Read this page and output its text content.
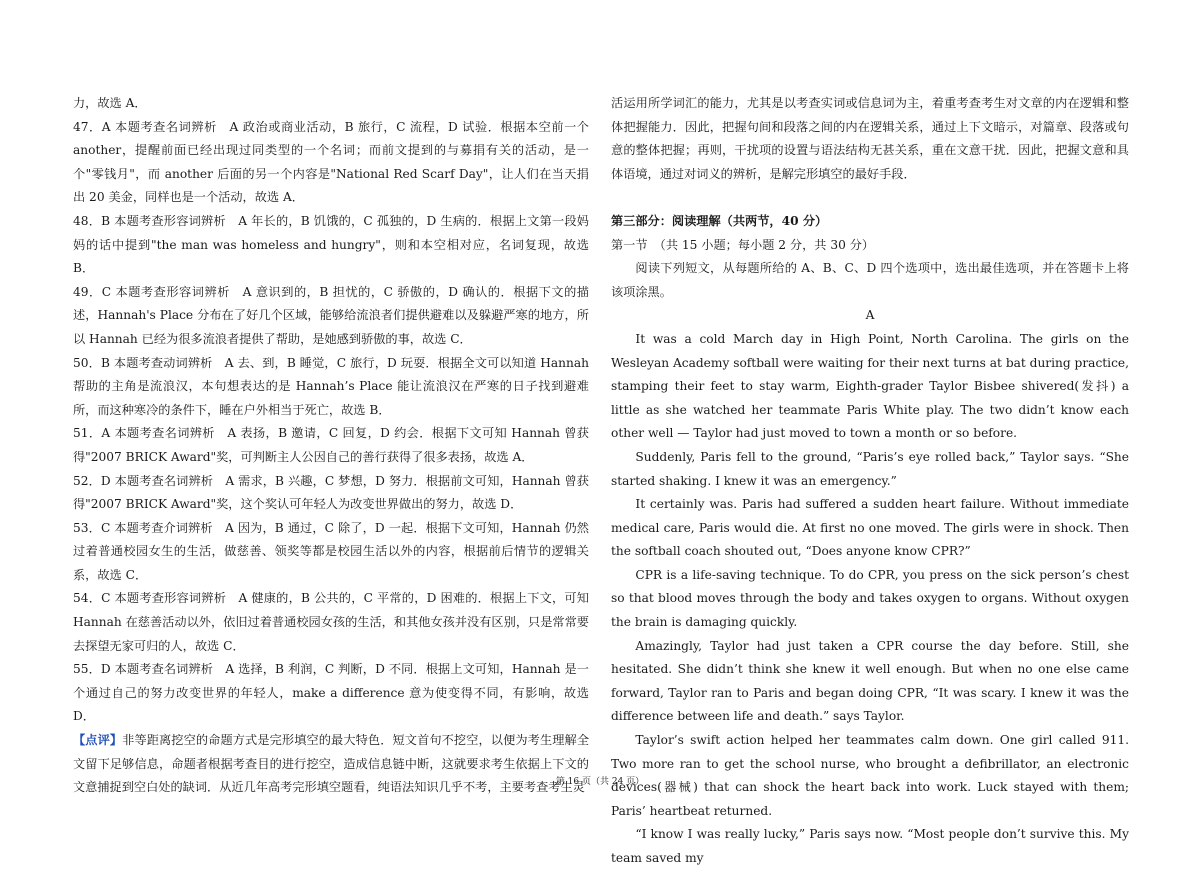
力，故选 A．

47．A 本题考查名词辨析　A 政治或商业活动，B 旅行，C 流程，D 试验．根据本空前一个 another，提醒前面已经出现过同类型的一个名词；而前文提到的与募捐有关的活动，是一个"零钱月"，而 another 后面的另一个内容是"National Red Scarf Day"，让人们在当天捐出 20 美金，同样也是一个活动，故选 A．

48．B 本题考查形容词辨析　A 年长的，B 饥饿的，C 孤独的，D 生病的．根据上文第一段妈妈的话中提到"the man was homeless and hungry"，则和本空相对应，名词复现，故选 B．

49．C 本题考查形容词辨析　A 意识到的，B 担忧的，C 骄傲的，D 确认的．根据下文的描述，Hannah's Place 分布在了好几个区域，能够给流浪者们提供避难以及躲避严寒的地方，所以 Hannah 已经为很多流浪者提供了帮助，是她感到骄傲的事，故选 C．

50．B 本题考查动词辨析　A 去、到，B 睡觉，C 旅行，D 玩耍．根据全文可以知道 Hannah 帮助的主角是流浪汉，本句想表达的是 Hannah’s Place 能让流浪汉在严寒的日子找到避难所，而这种寒冷的条件下，睡在户外相当于死亡，故选 B．

51．A 本题考查名词辨析　A 表扬，B 邀请，C 回复，D 约会．根据下文可知 Hannah 曾获得"2007 BRICK Award"奖，可判断主人公因自己的善行获得了很多表扬，故选 A．

52．D 本题考查名词辨析　A 需求，B 兴趣，C 梦想，D 努力．根据前文可知，Hannah 曾获得"2007 BRICK Award"奖，这个奖认可年轻人为改变世界做出的努力，故选 D．

53．C 本题考查介词辨析　A 因为，B 通过，C 除了，D 一起．根据下文可知，Hannah 仍然过着普通校园女生的生活，做慈善、领奖等都是校园生活以外的内容，根据前后情节的逻辑关系，故选 C．

54．C 本题考查形容词辨析　A 健康的，B 公共的，C 平常的，D 困难的．根据上下文，可知 Hannah 在慈善活动以外，依旧过着普通校园女孩的生活，和其他女孩并没有区别，只是常常要去探望无家可归的人，故选 C．

55．D 本题考查名词辨析　A 选择，B 利润，C 判断，D 不同．根据上文可知，Hannah 是一个通过自己的努力改变世界的年轻人，make a difference 意为使变得不同，有影响，故选 D．

【点评】非等距离挖空的命题方式是完形填空的最大特色．短文首句不挖空，以便为考生理解全文留下足够信息，命题者根据考查目的进行挖空，造成信息链中断，这就要求考生依据上下文的文意捕捉到空白处的缺词．从近几年高考完形填空题看，纯语法知识几乎不考，主要考查考生灵

活运用所学词汇的能力，尤其是以考查实词或信息词为主，着重考查考生对文章的内在逻辑和整体把握能力．因此，把握句间和段落之间的内在逻辑关系，通过上下文暗示，对篇章、段落或句意的整体把握；再则，干扰项的设置与语法结构无甚关系，重在文意干扰．因此，把握文意和具体语境，通过对词义的辨析，是解完形填空的最好手段．

第三部分：阅读理解（共两节，40 分）

第一节　（共 15 小题；每小题 2 分，共 30 分）

阅读下列短文，从每题所给的 A、B、C、D 四个选项中，选出最佳选项，并在答题卡上将该项涂黑。

A

It was a cold March day in High Point, North Carolina. The girls on the Wesleyan Academy softball were waiting for their next turns at bat during practice, stamping their feet to stay warm, Eighth-grader Taylor Bisbee shivered(发抖) a little as she watched her teammate Paris White play. The two didn’t know each other well — Taylor had just moved to town a month or so before.

Suddenly, Paris fell to the ground, “Paris’s eye rolled back,” Taylor says. “She started shaking. I knew it was an emergency.”

It certainly was. Paris had suffered a sudden heart failure. Without immediate medical care, Paris would die. At first no one moved. The girls were in shock. Then the softball coach shouted out, “Does anyone know CPR?”

CPR is a life-saving technique. To do CPR, you press on the sick person’s chest so that blood moves through the body and takes oxygen to organs. Without oxygen the brain is damaging quickly.

Amazingly, Taylor had just taken a CPR course the day before. Still, she hesitated. She didn’t think she knew it well enough. But when no one else came forward, Taylor ran to Paris and began doing CPR, “It was scary. I knew it was the difference between life and death.” says Taylor.

Taylor’s swift action helped her teammates calm down. One girl called 911. Two more ran to get the school nurse, who brought a defibrillator, an electronic devices(器械) that can shock the heart back into work. Luck stayed with them; Paris’ heartbeat returned.

“I know I was really lucky,” Paris says now. “Most people don’t survive this. My team saved my

第 16 页（共 24 页）
